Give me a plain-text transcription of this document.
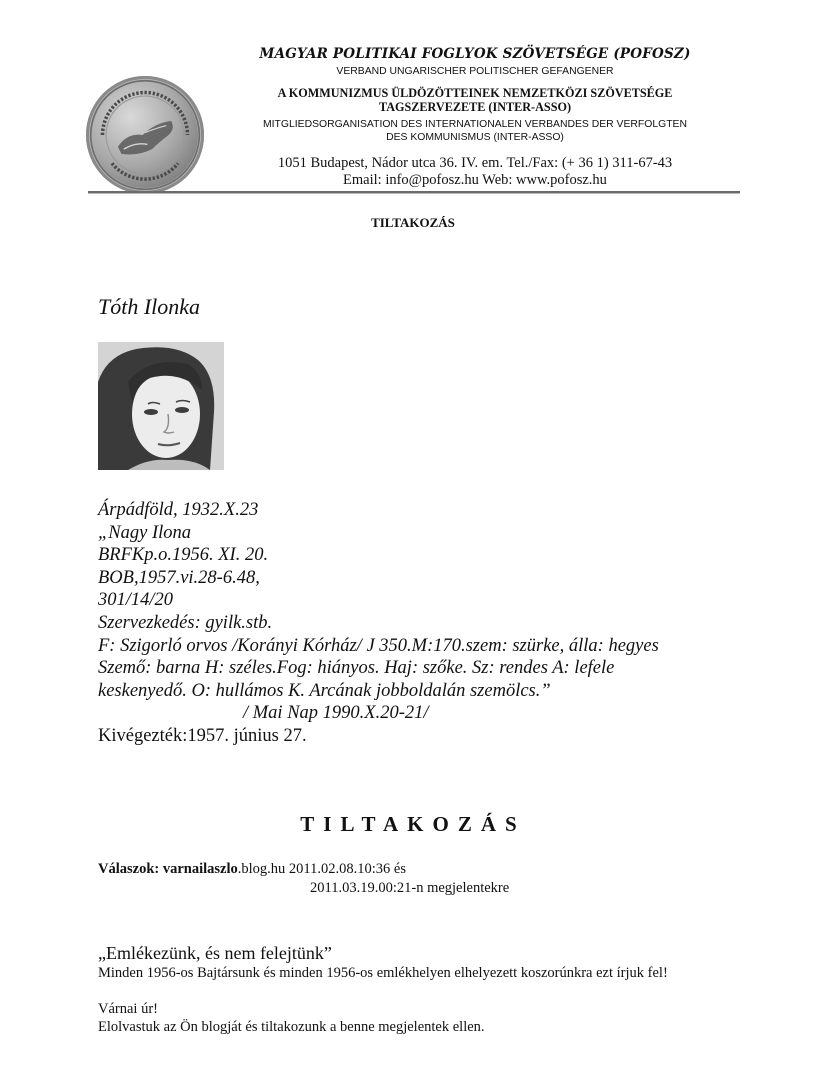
MAGYAR POLITIKAI FOGLYOK SZÖVETSÉGE (POFOSZ)
VERBAND UNGARISCHER POLITISCHER GEFANGENER
A KOMMUNIZMUS ÜLDÖZÖTTEINEK NEMZETKÖZI SZÖVETSÉGE
TAGSZERVEZETE (INTER-ASSO)
MITGLIEDSORGANISATION DES INTERNATIONALEN VERBANDES DER VERFOLGTEN
DES KOMMUNISMUS (INTER-ASSO)
1051 Budapest, Nádor utca 36. IV. em. Tel./Fax: (+ 36 1) 311-67-43
Email: info@pofosz.hu Web: www.pofosz.hu
TILTAKOZÁS
Tóth Ilonka
Árpádföld, 1932.X.23
„Nagy Ilona
BRFKp.o.1956. XI. 20.
BOB,1957.vi.28-6.48,
301/14/20
Szervezkedés: gyilk.stb.
F: Szigorló orvos /Korányi Kórház/ J 350.M:170.szem: szürke, álla: hegyes
Szemő: barna H: széles.Fog: hiányos. Haj: szőke. Sz: rendes A: lefele
keskenyedő. O: hullámos K. Arcának jobboldalán szemölcs.”
/ Mai Nap 1990.X.20-21/
Kivégezték:1957. június 27.
TILTAKOZÁS
Válaszok: varnailaszlo.blog.hu 2011.02.08.10:36 és
2011.03.19.00:21-n megjelentekre
„Emlékezünk, és nem felejtünk”
Minden 1956-os Bajtársunk és minden 1956-os emlékhelyen elhelyezett koszorúnkra ezt írjuk fel!
Várnai úr!
Elolvastuk az Ön blogját és tiltakozunk a benne megjelentek ellen.
